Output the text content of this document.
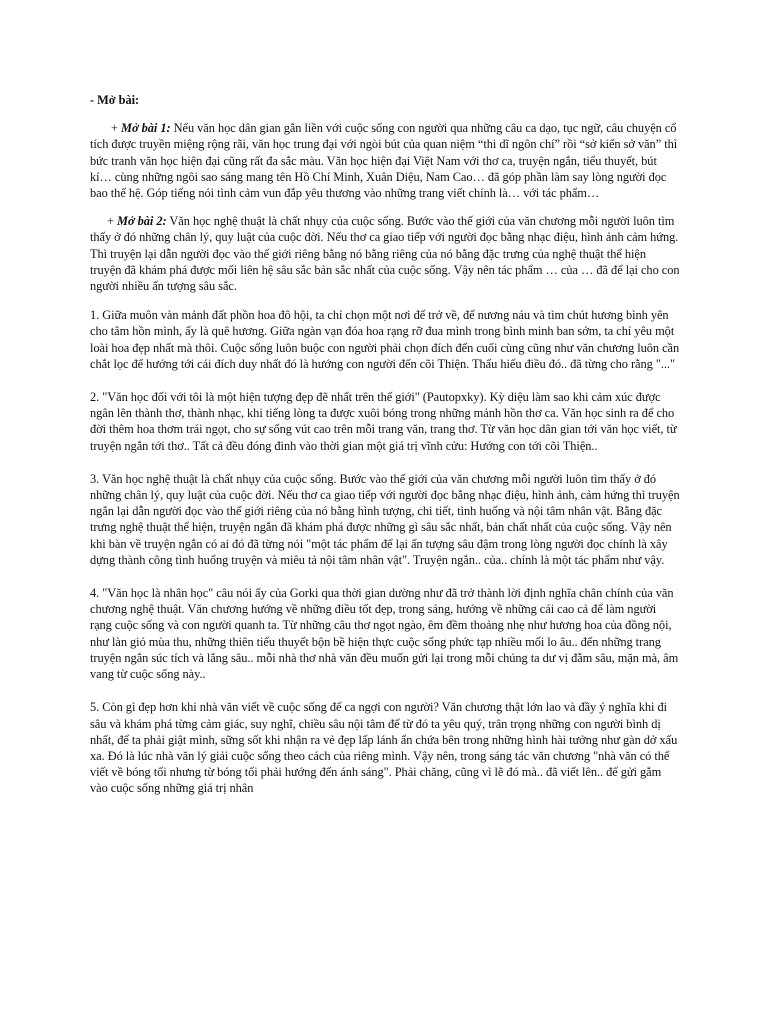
- Mở bài:

+ Mở bài 1: Nếu văn học dân gian gắn liền với cuộc sống con người qua những câu ca dạo, tục ngữ, câu chuyện cổ tích được truyền miệng rộng rãi, văn học trung đại với ngòi bút của quan niệm “thi dĩ ngôn chí” rồi “sở kiến sở văn” thì bức tranh văn học hiện đại cũng rất đa sắc màu. Văn học hiện đại Việt Nam với thơ ca, truyện ngắn, tiểu thuyết, bút kí… cùng những ngôi sao sáng mang tên Hồ Chí Minh, Xuân Diệu, Nam Cao… đã góp phần làm say lòng người đọc bao thế hệ. Góp tiếng nói tình cảm vun đắp yêu thương vào những trang viết chính là… với tác phẩm…

+ Mở bài 2: Văn học nghệ thuật là chất nhụy của cuộc sống. Bước vào thế giới của văn chương mỗi người luôn tìm thấy ở đó những chân lý, quy luật của cuộc đời. Nếu thơ ca giao tiếp với người đọc bằng nhạc điệu, hình ảnh cảm hứng. Thì truyện lại dẫn người đọc vào thế giới riêng bằng nó bằng riêng của nó bằng đặc trưng của nghệ thuật thể hiện truyện đã khám phá được mối liên hệ sâu sắc bản sắc nhất của cuộc sống. Vậy nên tác phẩm … của … đã để lại cho con người nhiều ấn tượng sâu sắc.

1. Giữa muôn vàn mảnh đất phồn hoa đô hội, ta chỉ chọn một nơi để trở về, để nương náu và tìm chút hương bình yên cho tâm hồn mình, ấy là quê hương. Giữa ngàn vạn đóa hoa rạng rỡ đua mình trong bình minh ban sớm, ta chỉ yêu một loài hoa đẹp nhất mà thôi. Cuộc sống luôn buộc con người phải chọn đích đến cuối cùng cũng như văn chương luôn cần chắt lọc để hướng tới cái đích duy nhất đó là hướng con người đến cõi Thiện. Thấu hiểu điều đó.. đã từng cho rằng "..."

2. "Văn học đối với tôi là một hiện tượng đẹp đẽ nhất trên thế giới" (Pautopxky). Kỳ diệu làm sao khi cảm xúc được ngân lên thành thơ, thành nhạc, khi tiếng lòng ta được xuôi bóng trong những mảnh hồn thơ ca. Văn học sinh ra để cho đời thêm hoa thơm trái ngọt, cho sự sống vút cao trên mỗi trang văn, trang thơ. Từ văn học dân gian tới văn học viết, từ truyện ngắn tới thơ.. Tất cả đều đóng đinh vào thời gian một giá trị vĩnh cửu: Hướng con tới cõi Thiện..

3. Văn học nghệ thuật là chất nhụy của cuộc sống. Bước vào thế giới của văn chương mỗi người luôn tìm thấy ở đó những chân lý, quy luật của cuộc đời. Nếu thơ ca giao tiếp với người đọc bằng nhạc điệu, hình ảnh, cảm hứng thì truyện ngắn lại dẫn người đọc vào thế giới riêng của nó bằng hình tượng, chi tiết, tình huống và nội tâm nhân vật. Bằng đặc trưng nghệ thuật thể hiện, truyện ngắn đã khám phá được những gì sâu sắc nhất, bản chất nhất của cuộc sống. Vậy nên khi bàn về truyện ngắn có ai đó đã từng nói "một tác phẩm để lại ấn tượng sâu đậm trong lòng người đọc chính là xây dựng thành công tình huống truyện và miêu tả nội tâm nhân vật". Truyện ngắn.. của.. chính là một tác phẩm như vậy.

4. "Văn học là nhân học" câu nói ấy của Gorki qua thời gian dường như đã trở thành lời định nghĩa chân chính của văn chương nghệ thuật. Văn chương hướng về những điều tốt đẹp, trong sáng, hướng về những cái cao cả để làm người rạng cuộc sống và con người quanh ta. Từ những câu thơ ngọt ngào, êm đềm thoảng nhẹ như hương hoa của đồng nội, như làn gió mùa thu, những thiên tiểu thuyết bộn bề hiện thực cuộc sống phức tạp nhiều mối lo âu.. đến những trang truyện ngắn súc tích và lắng sâu.. mỗi nhà thơ nhà văn đều muốn gửi lại trong mỗi chúng ta dư vị đằm sâu, mặn mà, âm vang từ cuộc sống này..

5. Còn gì đẹp hơn khi nhà văn viết về cuộc sống để ca ngợi con người? Văn chương thật lớn lao và đầy ý nghĩa khi đi sâu và khám phá từng cảm giác, suy nghĩ, chiều sâu nội tâm để từ đó ta yêu quý, trân trọng những con người bình dị nhất, để ta phải giật mình, sững sốt khi nhận ra vẻ đẹp lấp lánh ẩn chứa bên trong những hình hài tưởng như gàn dở xấu xa. Đó là lúc nhà văn lý giải cuộc sống theo cách của riêng mình. Vậy nên, trong sáng tác văn chương "nhà văn có thể viết về bóng tối nhưng từ bóng tối phải hướng đến ánh sáng". Phải chăng, cũng vì lẽ đó mà.. đã viết lên.. để gửi gắm vào cuộc sống những giá trị nhân
